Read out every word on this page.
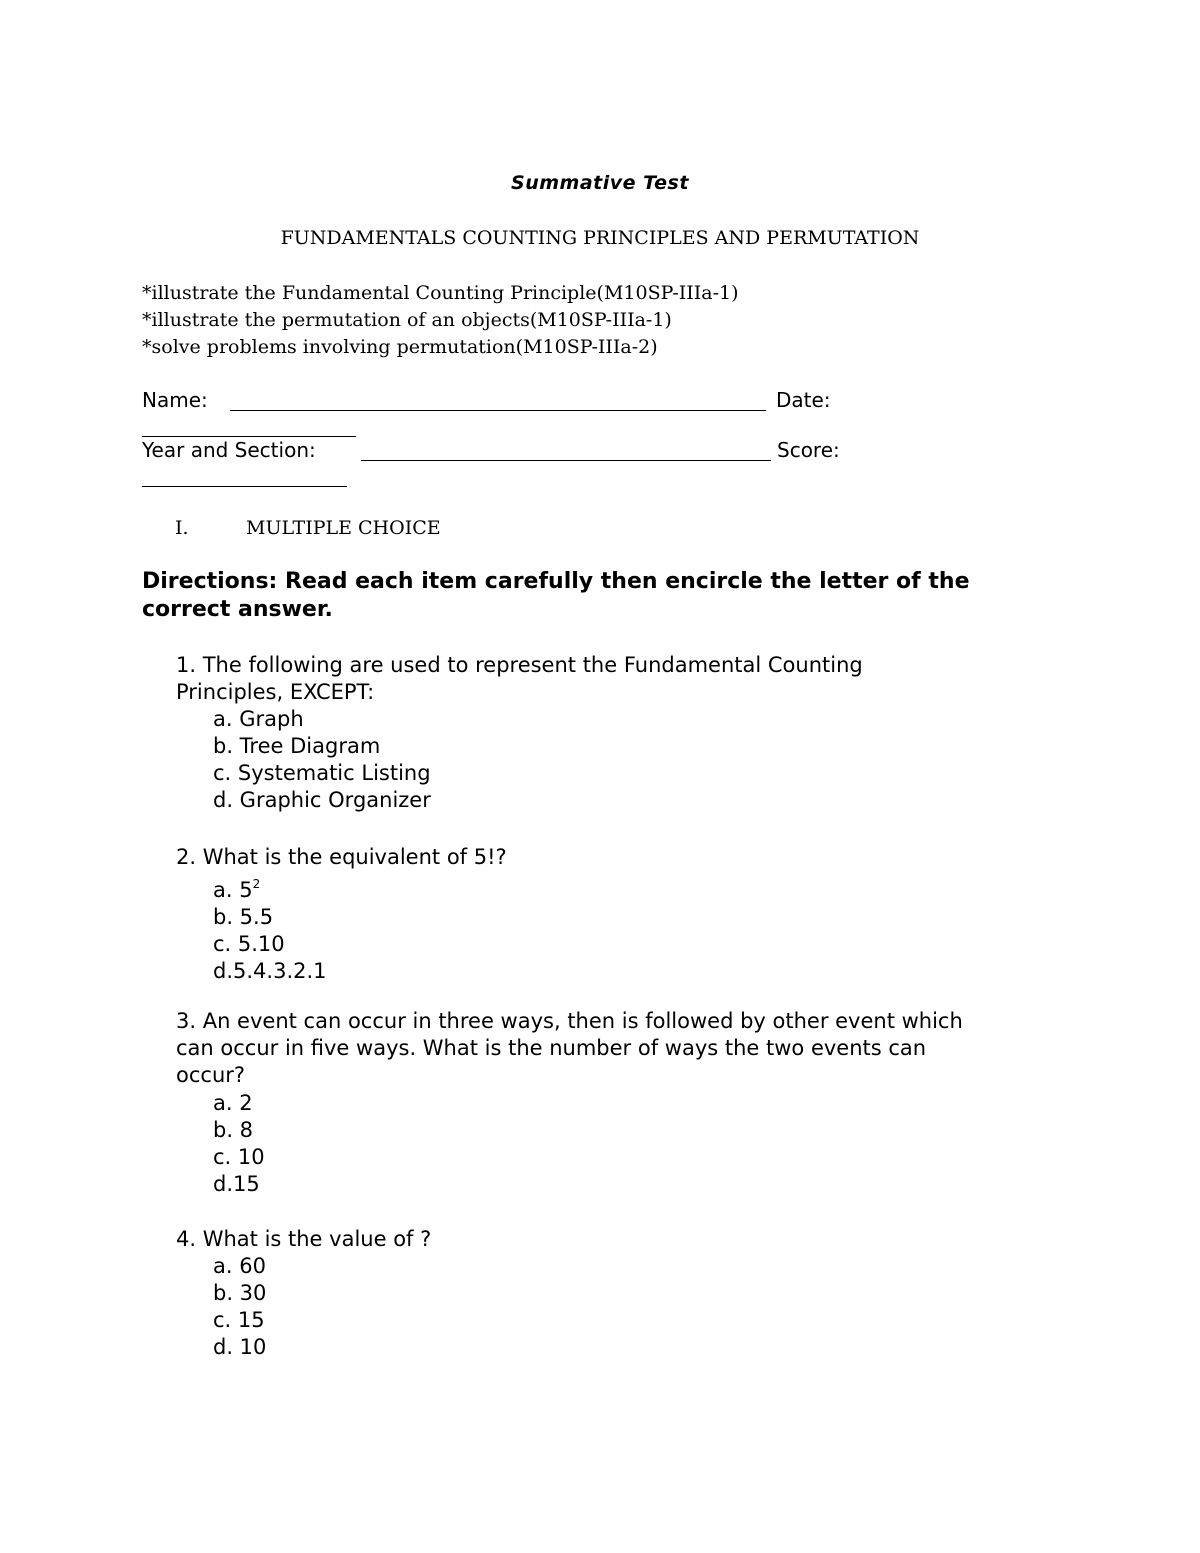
Summative Test
FUNDAMENTALS COUNTING PRINCIPLES AND PERMUTATION
*illustrate the Fundamental Counting Principle(M10SP-IIIa-1)
*illustrate the permutation of an objects(M10SP-IIIa-1)
*solve problems involving permutation(M10SP-IIIa-2)
Name:	Date:
Year and Section:	Score:
I.	MULTIPLE CHOICE
Directions: Read each item carefully then encircle the letter of the
correct answer.
1. The following are used to represent the Fundamental Counting
Principles, EXCEPT:
a. Graph
b. Tree Diagram
c. Systematic Listing
d. Graphic Organizer
2. What is the equivalent of 5!?
a. $5^2$
b. 5.5
c. 5.10
d.5.4.3.2.1
3. An event can occur in three ways, then is followed by other event which
can occur in five ways. What is the number of ways the two events can
occur?
a. 2
b. 8
c. 10
d.15
4. What is the value of ?
a. 60
b. 30
c. 15
d. 10
